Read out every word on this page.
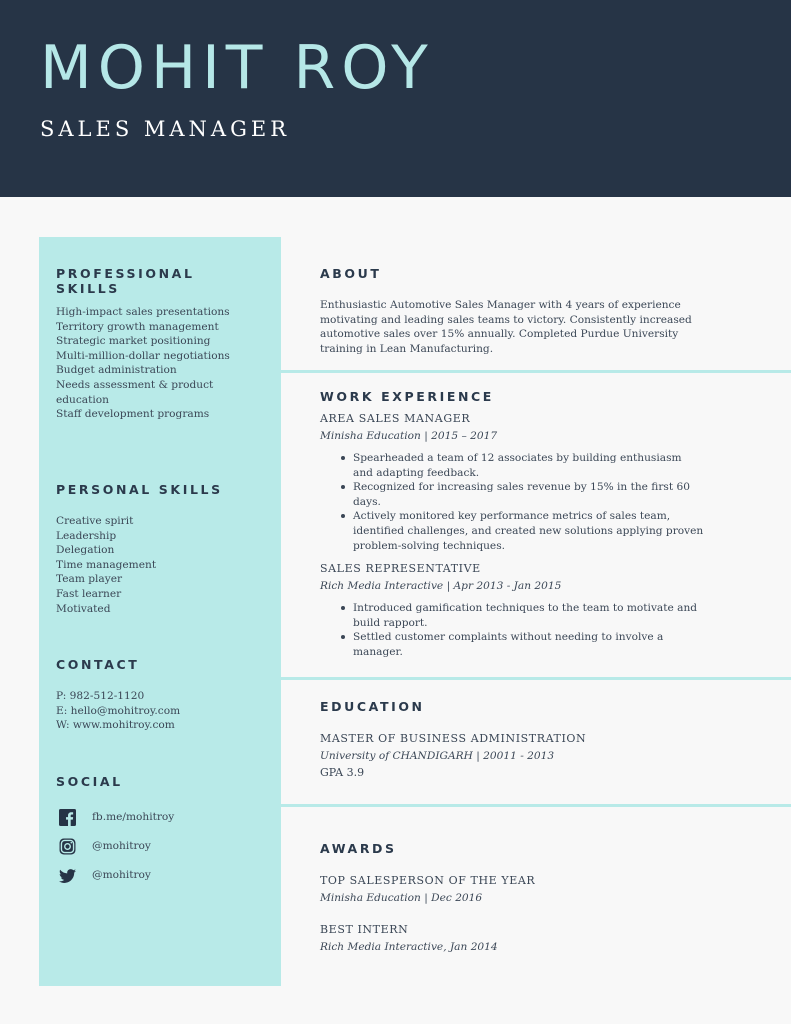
MOHIT ROY
SALES MANAGER

PROFESSIONAL
SKILLS

High-impact sales presentations
Territory growth management
Strategic market positioning
Multi-million-dollar negotiations
Budget administration
Needs assessment & product
education
Staff development programs

PERSONAL SKILLS

Creative spirit
Leadership
Delegation
Time management
Team player
Fast learner
Motivated

CONTACT

P: 982-512-1120
E: hello@mohitroy.com
W: www.mohitroy.com

SOCIAL

fb.me/mohitroy
@mohitroy
@mohitroy

ABOUT

Enthusiastic Automotive Sales Manager with 4 years of experience
motivating and leading sales teams to victory. Consistently increased
automotive sales over 15% annually. Completed Purdue University
training in Lean Manufacturing.

WORK EXPERIENCE

AREA SALES MANAGER
Minisha Education | 2015 – 2017
Spearheaded a team of 12 associates by building enthusiasm
and adapting feedback.
Recognized for increasing sales revenue by 15% in the first 60
days.
Actively monitored key performance metrics of sales team,
identified challenges, and created new solutions applying proven
problem-solving techniques.
SALES REPRESENTATIVE
Rich Media Interactive | Apr 2013 - Jan 2015
Introduced gamification techniques to the team to motivate and
build rapport.
Settled customer complaints without needing to involve a
manager.

EDUCATION

MASTER OF BUSINESS ADMINISTRATION
University of CHANDIGARH | 20011 - 2013
GPA 3.9

AWARDS

TOP SALESPERSON OF THE YEAR
Minisha Education | Dec 2016
BEST INTERN
Rich Media Interactive, Jan 2014
